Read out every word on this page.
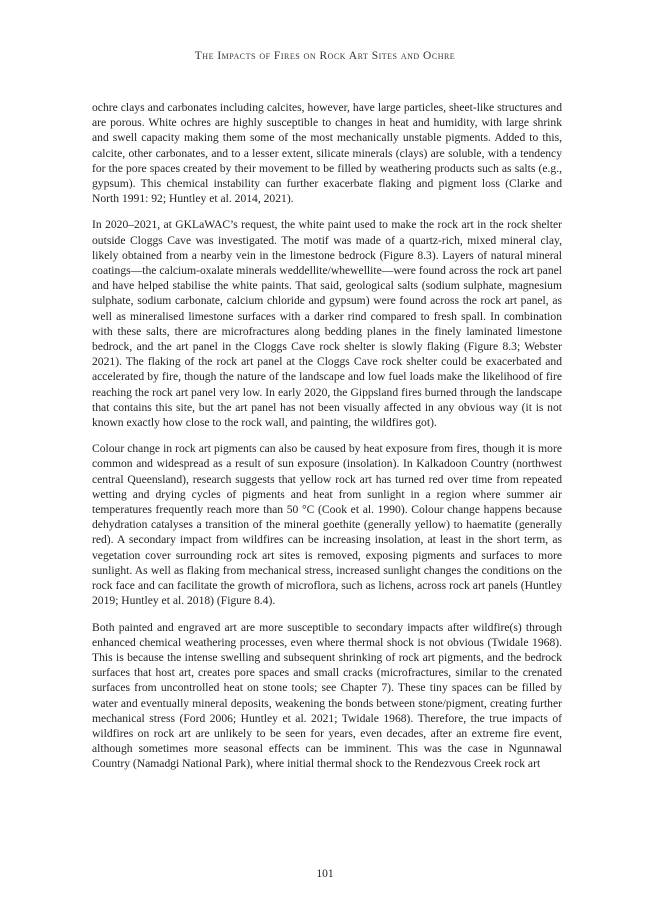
The Impacts of Fires on Rock Art Sites and Ochre

ochre clays and carbonates including calcites, however, have large particles, sheet-like structures and are porous. White ochres are highly susceptible to changes in heat and humidity, with large shrink and swell capacity making them some of the most mechanically unstable pigments. Added to this, calcite, other carbonates, and to a lesser extent, silicate minerals (clays) are soluble, with a tendency for the pore spaces created by their movement to be filled by weathering products such as salts (e.g., gypsum). This chemical instability can further exacerbate flaking and pigment loss (Clarke and North 1991: 92; Huntley et al. 2014, 2021).

In 2020–2021, at GKLaWAC’s request, the white paint used to make the rock art in the rock shelter outside Cloggs Cave was investigated. The motif was made of a quartz-rich, mixed mineral clay, likely obtained from a nearby vein in the limestone bedrock (Figure 8.3). Layers of natural mineral coatings—the calcium-oxalate minerals weddellite/whewellite—were found across the rock art panel and have helped stabilise the white paints. That said, geological salts (sodium sulphate, magnesium sulphate, sodium carbonate, calcium chloride and gypsum) were found across the rock art panel, as well as mineralised limestone surfaces with a darker rind compared to fresh spall. In combination with these salts, there are microfractures along bedding planes in the finely laminated limestone bedrock, and the art panel in the Cloggs Cave rock shelter is slowly flaking (Figure 8.3; Webster 2021). The flaking of the rock art panel at the Cloggs Cave rock shelter could be exacerbated and accelerated by fire, though the nature of the landscape and low fuel loads make the likelihood of fire reaching the rock art panel very low. In early 2020, the Gippsland fires burned through the landscape that contains this site, but the art panel has not been visually affected in any obvious way (it is not known exactly how close to the rock wall, and painting, the wildfires got).

Colour change in rock art pigments can also be caused by heat exposure from fires, though it is more common and widespread as a result of sun exposure (insolation). In Kalkadoon Country (northwest central Queensland), research suggests that yellow rock art has turned red over time from repeated wetting and drying cycles of pigments and heat from sunlight in a region where summer air temperatures frequently reach more than 50 °C (Cook et al. 1990). Colour change happens because dehydration catalyses a transition of the mineral goethite (generally yellow) to haematite (generally red). A secondary impact from wildfires can be increasing insolation, at least in the short term, as vegetation cover surrounding rock art sites is removed, exposing pigments and surfaces to more sunlight. As well as flaking from mechanical stress, increased sunlight changes the conditions on the rock face and can facilitate the growth of microflora, such as lichens, across rock art panels (Huntley 2019; Huntley et al. 2018) (Figure 8.4).

Both painted and engraved art are more susceptible to secondary impacts after wildfire(s) through enhanced chemical weathering processes, even where thermal shock is not obvious (Twidale 1968). This is because the intense swelling and subsequent shrinking of rock art pigments, and the bedrock surfaces that host art, creates pore spaces and small cracks (microfractures, similar to the crenated surfaces from uncontrolled heat on stone tools; see Chapter 7). These tiny spaces can be filled by water and eventually mineral deposits, weakening the bonds between stone/pigment, creating further mechanical stress (Ford 2006; Huntley et al. 2021; Twidale 1968). Therefore, the true impacts of wildfires on rock art are unlikely to be seen for years, even decades, after an extreme fire event, although sometimes more seasonal effects can be imminent. This was the case in Ngunnawal Country (Namadgi National Park), where initial thermal shock to the Rendezvous Creek rock art

101
